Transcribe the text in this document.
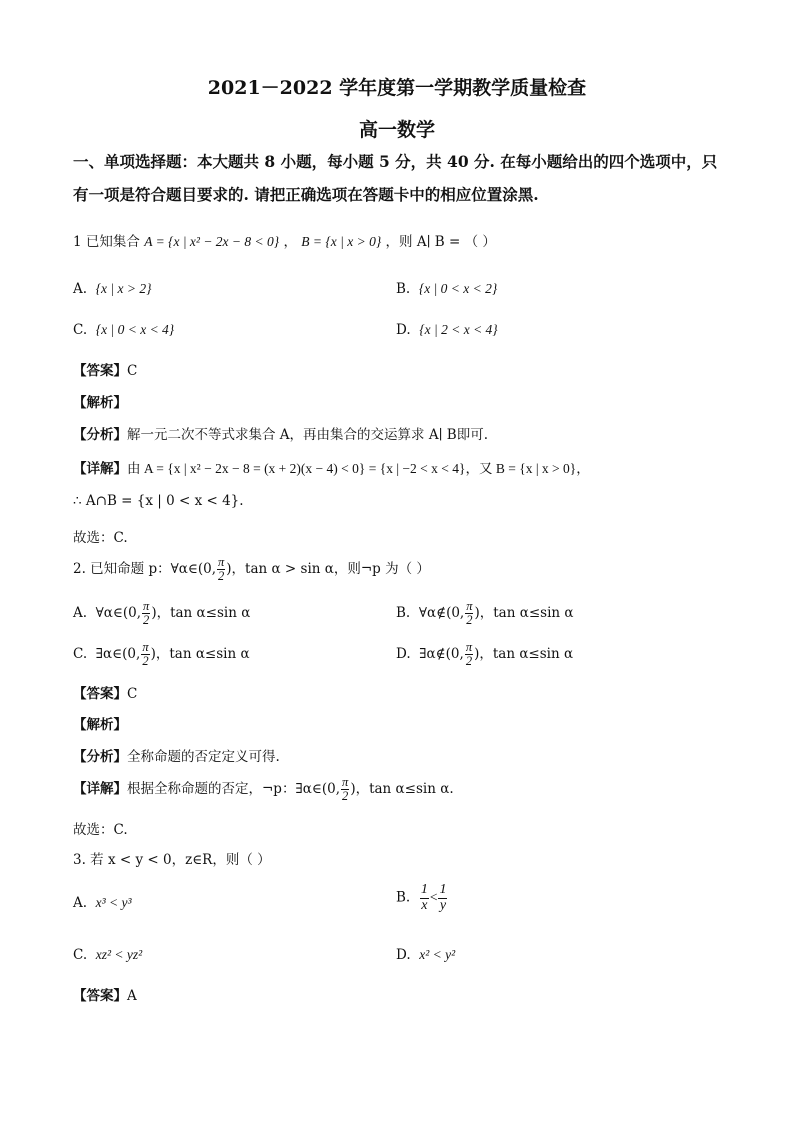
2021－2022 学年度第一学期教学质量检查
高一数学
一、单项选择题：本大题共 8 小题，每小题 5 分，共 40 分. 在每小题给出的四个选项中，只
有一项是符合题目要求的. 请把正确选项在答题卡中的相应位置涂黑.
1 已知集合 A = {x | x² − 2x − 8 < 0} ， B = {x | x > 0} ，则 A∣ B = （ ）
A. {x | x > 2}	B. {x | 0 < x < 2}
C. {x | 0 < x < 4}	D. {x | 2 < x < 4}
【答案】C
【解析】
【分析】解一元二次不等式求集合 A，再由集合的交运算求 A∣ B即可.
【详解】由 A = {x | x² − 2x − 8 = (x + 2)(x − 4) < 0} = {x | −2 < x < 4}，又 B = {x | x > 0}，
∴ A∩B = {x | 0 < x < 4}.
故选：C.
2. 已知命题 p：∀α∈(0, $\frac{\pi}{2}$ )，tan α > sin α，则¬p 为（ ）
A. ∀α∈(0, $\frac{\pi}{2}$ )，tan α≤sin α	B. ∀α∉(0, $\frac{\pi}{2}$ )，tan α≤sin α
C. ∃α∈(0, $\frac{\pi}{2}$ )，tan α≤sin α	D. ∃α∉(0, $\frac{\pi}{2}$ )，tan α≤sin α
【答案】C
【解析】
【分析】全称命题的否定定义可得.
【详解】根据全称命题的否定，¬p：∃α∈(0, $\frac{\pi}{2}$ )，tan α≤sin α.
故选：C.
3. 若 x < y < 0，z∈R，则（ ）
A. x³ < y³	B. $\frac{1}{x} < \frac{1}{y}$
C. xz² < yz²	D. x² < y²
【答案】A
